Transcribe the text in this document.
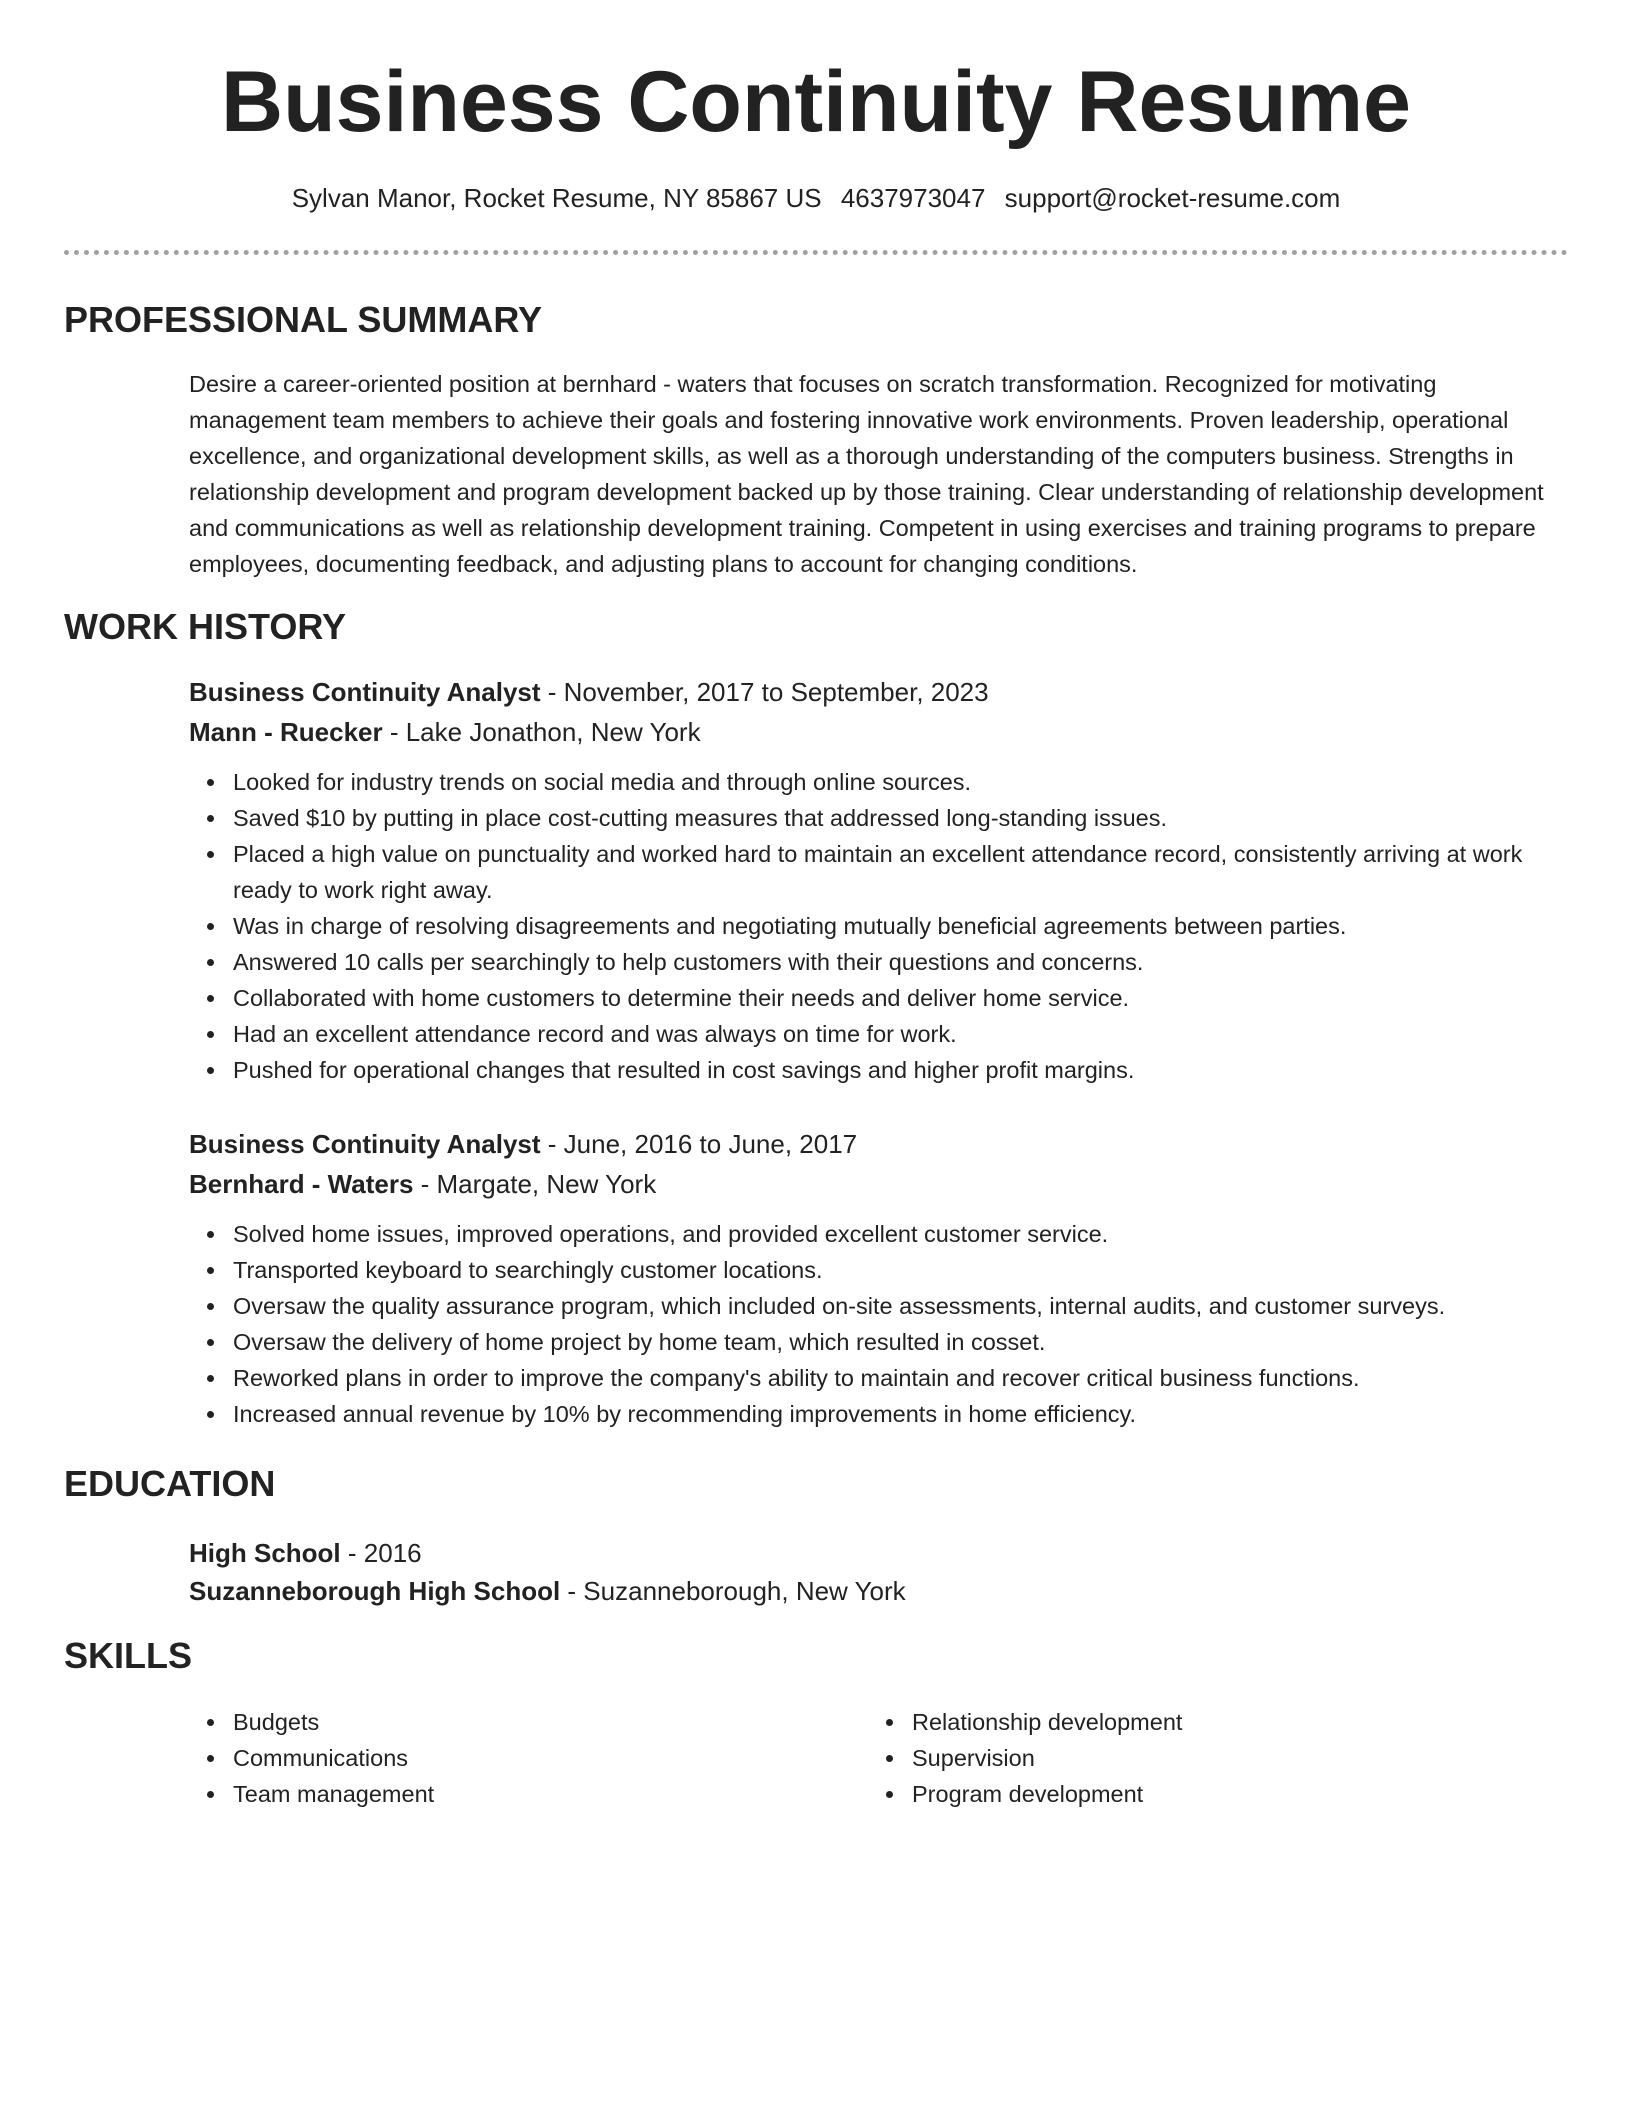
Business Continuity Resume
Sylvan Manor, Rocket Resume, NY 85867 US 4637973047 support@rocket-resume.com
PROFESSIONAL SUMMARY

Desire a career-oriented position at bernhard - waters that focuses on scratch transformation. Recognized for motivating management team members to achieve their goals and fostering innovative work environments. Proven leadership, operational excellence, and organizational development skills, as well as a thorough understanding of the computers business. Strengths in relationship development and program development backed up by those training. Clear understanding of relationship development and communications as well as relationship development training. Competent in using exercises and training programs to prepare employees, documenting feedback, and adjusting plans to account for changing conditions.

WORK HISTORY

Business Continuity Analyst - November, 2017 to September, 2023

Mann - Ruecker - Lake Jonathon, New York

Looked for industry trends on social media and through online sources.
Saved $10 by putting in place cost-cutting measures that addressed long-standing issues.
Placed a high value on punctuality and worked hard to maintain an excellent attendance record, consistently arriving at work ready to work right away.
Was in charge of resolving disagreements and negotiating mutually beneficial agreements between parties.
Answered 10 calls per searchingly to help customers with their questions and concerns.
Collaborated with home customers to determine their needs and deliver home service.
Had an excellent attendance record and was always on time for work.
Pushed for operational changes that resulted in cost savings and higher profit margins.

Business Continuity Analyst - June, 2016 to June, 2017

Bernhard - Waters - Margate, New York

Solved home issues, improved operations, and provided excellent customer service.
Transported keyboard to searchingly customer locations.
Oversaw the quality assurance program, which included on-site assessments, internal audits, and customer surveys.
Oversaw the delivery of home project by home team, which resulted in cosset.
Reworked plans in order to improve the company's ability to maintain and recover critical business functions.
Increased annual revenue by 10% by recommending improvements in home efficiency.
EDUCATION

High School - 2016

Suzanneborough High School - Suzanneborough, New York

SKILLS
Budgets
Communications
Team management
Relationship development
Supervision
Program development
